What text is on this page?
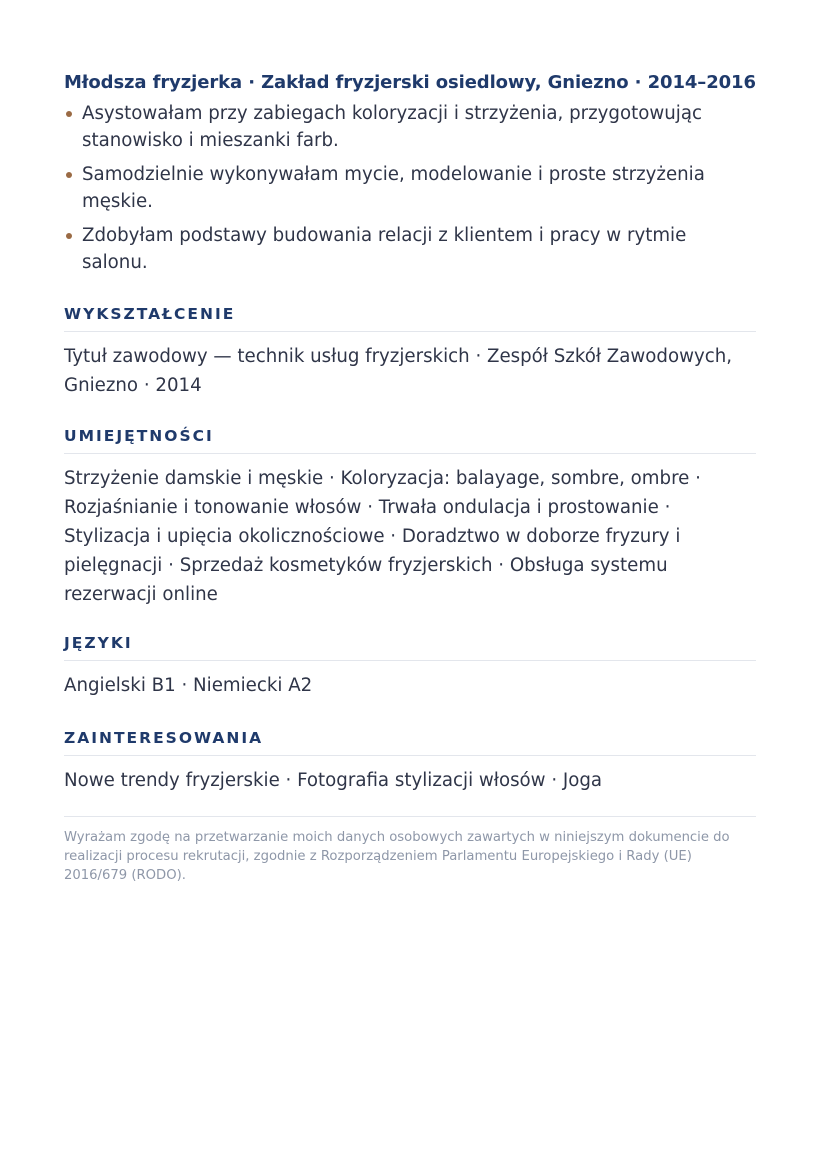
Młodsza fryzjerka · Zakład fryzjerski osiedlowy, Gniezno · 2014–2016
Asystowałam przy zabiegach koloryzacji i strzyżenia, przygotowując stanowisko i mieszanki farb.
Samodzielnie wykonywałam mycie, modelowanie i proste strzyżenia męskie.
Zdobyłam podstawy budowania relacji z klientem i pracy w rytmie salonu.
WYKSZTAŁCENIE

Tytuł zawodowy — technik usług fryzjerskich · Zespół Szkół Zawodowych, Gniezno · 2014

UMIEJĘTNOŚCI

Strzyżenie damskie i męskie · Koloryzacja: balayage, sombre, ombre · Rozjaśnianie i tonowanie włosów · Trwała ondulacja i prostowanie · Stylizacja i upięcia okolicznościowe · Doradztwo w doborze fryzury i pielęgnacji · Sprzedaż kosmetyków fryzjerskich · Obsługa systemu rezerwacji online

JĘZYKI

Angielski B1 · Niemiecki A2

ZAINTERESOWANIA

Nowe trendy fryzjerskie · Fotografia stylizacji włosów · Joga

Wyrażam zgodę na przetwarzanie moich danych osobowych zawartych w niniejszym dokumencie do realizacji procesu rekrutacji, zgodnie z Rozporządzeniem Parlamentu Europejskiego i Rady (UE) 2016/679 (RODO).
